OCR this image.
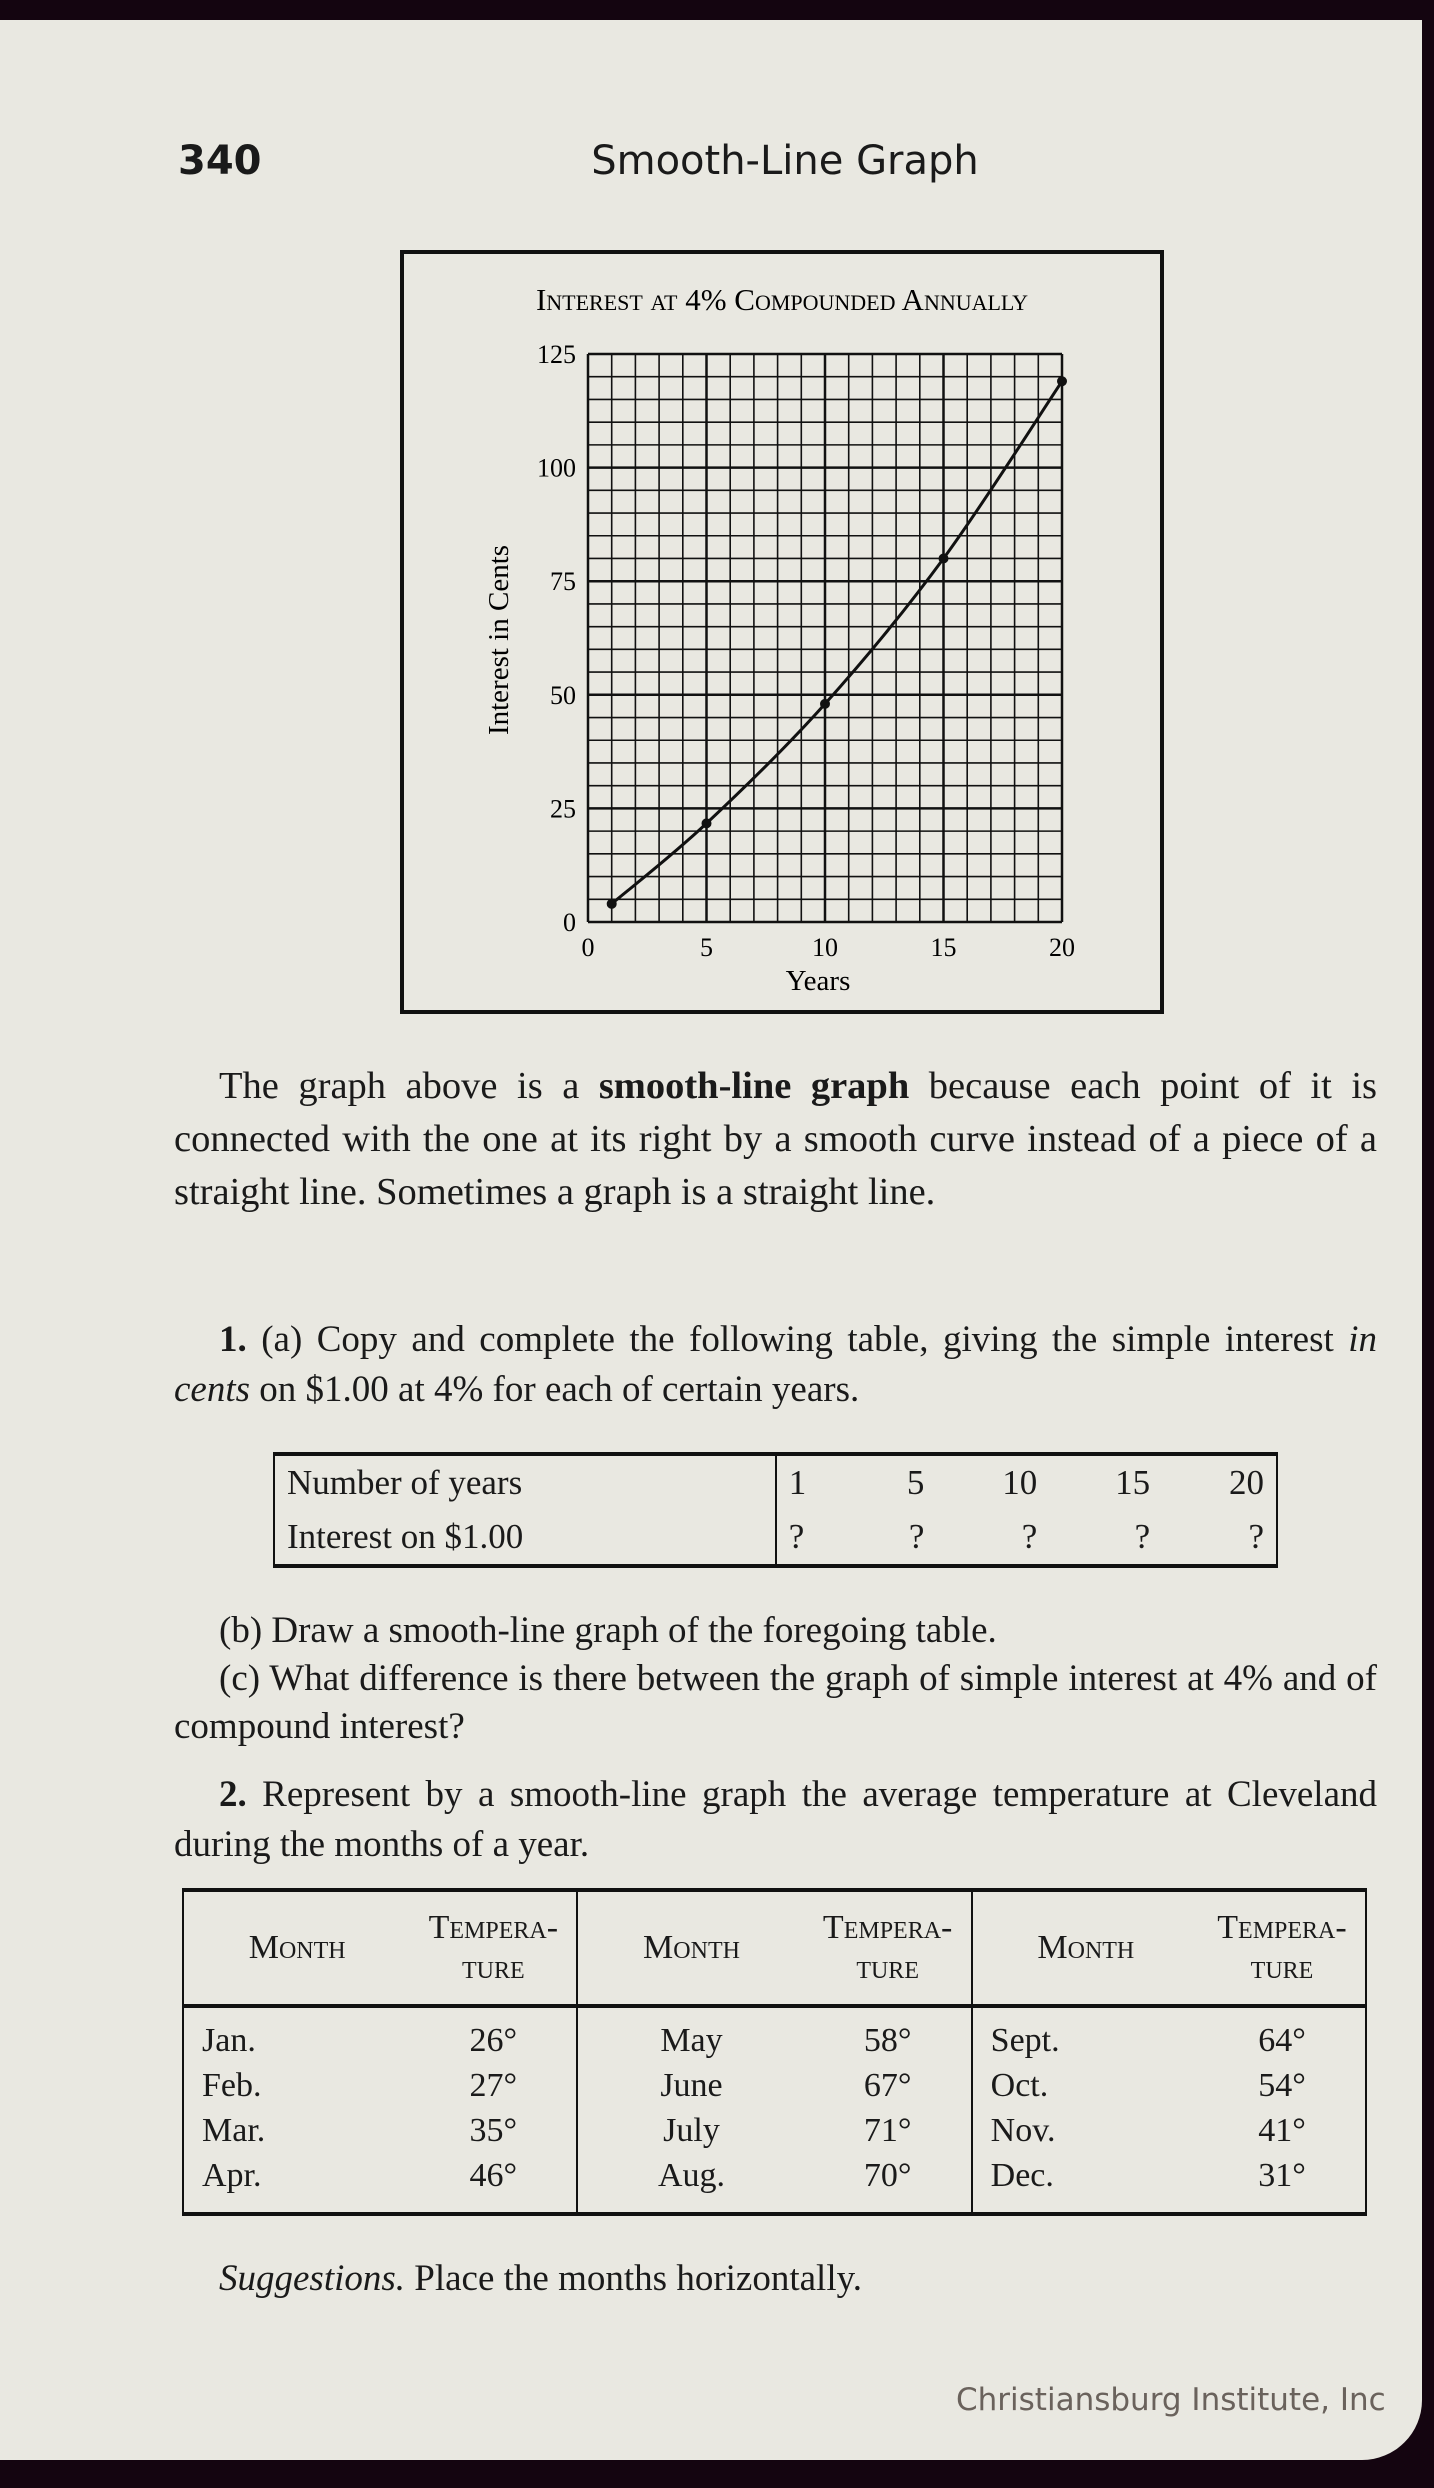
340	Smooth-Line Graph
Interest at 4% Compounded Annually
0
25
50
75
100
125
0	5	10	15	20
Years
Interest in Cents
The graph above is a smooth-line graph because each point of it is connected with the one at its right by a smooth curve instead of a piece of a straight line. Sometimes a graph is a straight line.
1. (a) Copy and complete the following table, giving the simple interest in cents on $1.00 at 4% for each of certain years.
Number of years	1	5	10	15	20
Interest on $1.00	?	?	?	?	?
(b) Draw a smooth-line graph of the foregoing table.
(c) What difference is there between the graph of simple interest at 4% and of compound interest?
2. Represent by a smooth-line graph the average temperature at Cleveland during the months of a year.
Month	Tempera-ture	Month	Tempera-ture	Month	Tempera-ture
Jan.	26°	May	58°	Sept.	64°
Feb.	27°	June	67°	Oct.	54°
Mar.	35°	July	71°	Nov.	41°
Apr.	46°	Aug.	70°	Dec.	31°
Suggestions. Place the months horizontally.
Christiansburg Institute, Inc
